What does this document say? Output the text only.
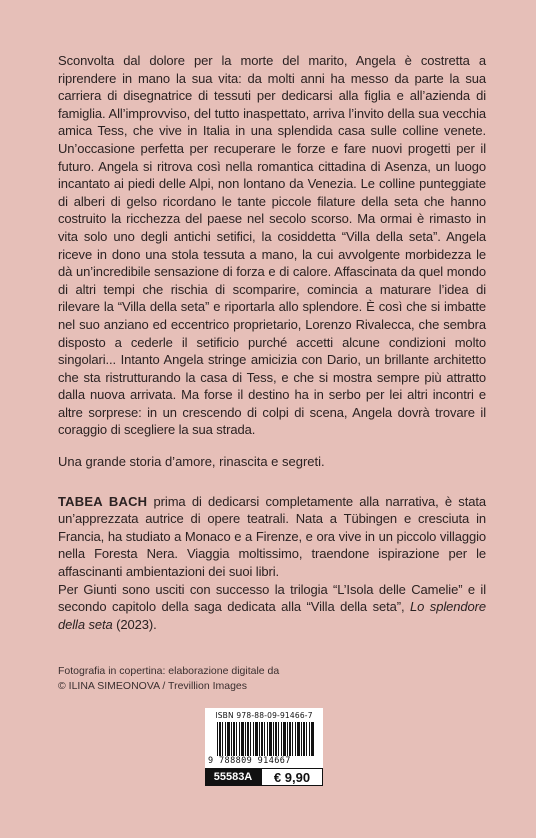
Sconvolta dal dolore per la morte del marito, Angela è costretta a riprendere in mano la sua vita: da molti anni ha messo da parte la sua carriera di disegnatrice di tessuti per dedicarsi alla figlia e all’azienda di famiglia. All’improvviso, del tutto inaspettato, arriva l’invito della sua vecchia amica Tess, che vive in Italia in una splendida casa sulle colline venete. Un’occasione perfetta per recuperare le forze e fare nuovi progetti per il futuro. Angela si ritrova così nella romantica cittadina di Asenza, un luogo incantato ai piedi delle Alpi, non lontano da Venezia. Le colline punteggiate di alberi di gelso ricordano le tante piccole filature della seta che hanno costruito la ricchezza del paese nel secolo scorso. Ma ormai è rimasto in vita solo uno degli antichi setifici, la cosiddetta “Villa della seta”. Angela riceve in dono una stola tessuta a mano, la cui avvolgente morbidezza le dà un’incredibile sensazione di forza e di calore. Affascinata da quel mondo di altri tempi che rischia di scomparire, comincia a maturare l’idea di rilevare la “Villa della seta” e riportarla allo splendore. È così che si imbatte nel suo anziano ed eccentrico proprietario, Lorenzo Rivalecca, che sembra disposto a cederle il setificio purché accetti alcune condizioni molto singolari... Intanto Angela stringe amicizia con Dario, un brillante architetto che sta ristrutturando la casa di Tess, e che si mostra sempre più attratto dalla nuova arrivata. Ma forse il destino ha in serbo per lei altri incontri e altre sorprese: in un crescendo di colpi di scena, Angela dovrà trovare il coraggio di scegliere la sua strada.

Una grande storia d’amore, rinascita e segreti.

TABEA BACH prima di dedicarsi completamente alla narrativa, è stata un’apprezzata autrice di opere teatrali. Nata a Tübingen e cresciuta in Francia, ha studiato a Monaco e a Firenze, e ora vive in un piccolo villaggio nella Foresta Nera. Viaggia moltissimo, traendone ispirazione per le affascinanti ambientazioni dei suoi libri.

Per Giunti sono usciti con successo la trilogia “L’Isola delle Camelie” e il secondo capitolo della saga dedicata alla “Villa della seta”, Lo splendore della seta (2023).

Fotografia in copertina: elaborazione digitale da
© ILINA SIMEONOVA / Trevillion Images
ISBN 978-88-09-91466-7
9 788809 914667
55583A	€ 9,90
